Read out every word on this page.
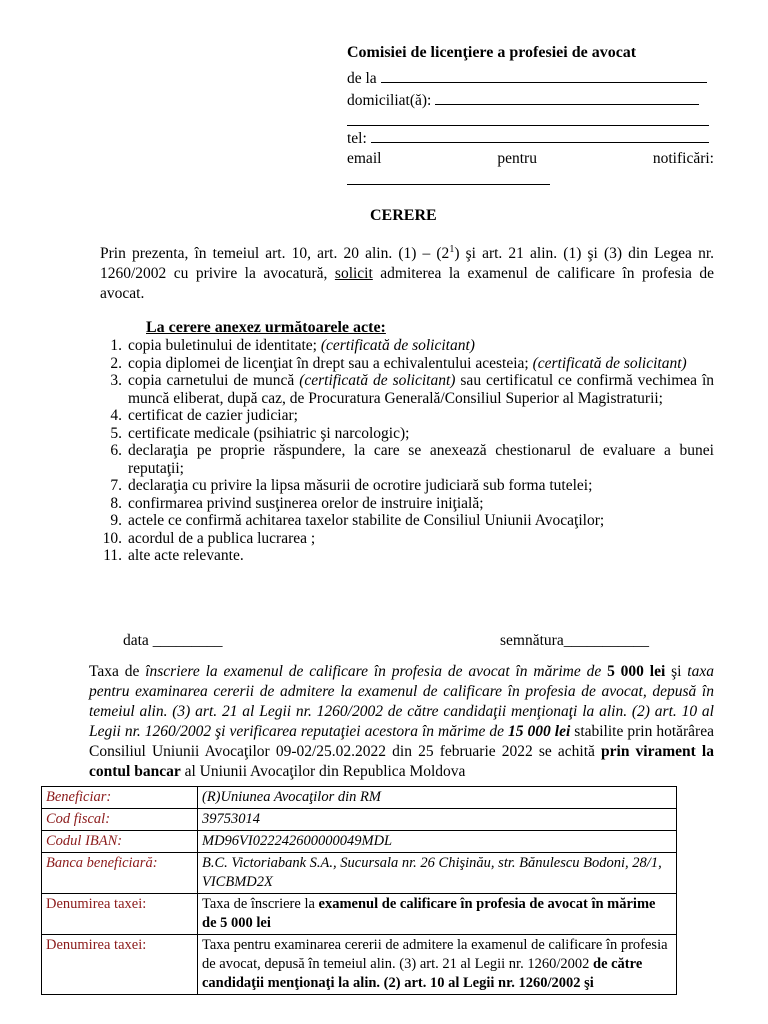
Comisiei de licenţiere a profesiei de avocat
de la
domiciliat(ă):
tel:
email	pentru	notificări:
CERERE
Prin prezenta, în temeiul art. 10, art. 20 alin. $(1) - (2^1)$ şi art. 21 alin. (1) şi (3) din Legea nr. 1260/2002 cu privire la avocatură, solicit admiterea la examenul de calificare în profesia de avocat.
La cerere anexez următoarele acte:
1. copia buletinului de identitate; (certificată de solicitant)
2. copia diplomei de licenţiat în drept sau a echivalentului acesteia; (certificată de solicitant)
3. copia carnetului de muncă (certificată de solicitant) sau certificatul ce confirmă vechimea în muncă eliberat, după caz, de Procuratura Generală/Consiliul Superior al Magistraturii;
4. certificat de cazier judiciar;
5. certificate medicale (psihiatric şi narcologic);
6. declaraţia pe proprie răspundere, la care se anexează chestionarul de evaluare a bunei reputaţii;
7. declaraţia cu privire la lipsa măsurii de ocrotire judiciară sub forma tutelei;
8. confirmarea privind susţinerea orelor de instruire iniţială;
9. actele ce confirmă achitarea taxelor stabilite de Consiliul Uniunii Avocaţilor;
10. acordul de a publica lucrarea ;
11. alte acte relevante.
data _________	semnătura___________
Taxa de înscriere la examenul de calificare în profesia de avocat în mărime de 5 000 lei şi taxa pentru examinarea cererii de admitere la examenul de calificare în profesia de avocat, depusă în temeiul alin. (3) art. 21 al Legii nr. 1260/2002 de către candidaţii menţionaţi la alin. (2) art. 10 al Legii nr. 1260/2002 şi verificarea reputaţiei acestora în mărime de 15 000 lei stabilite prin hotărârea Consiliul Uniunii Avocaţilor 09-02/25.02.2022 din 25 februarie 2022 se achită prin virament la contul bancar al Uniunii Avocaţilor din Republica Moldova
Beneficiar:	(R)Uniunea Avocaţilor din RM
Cod fiscal:	39753014
Codul IBAN:	MD96VI022242600000049MDL
Banca beneficiară:	B.C. Victoriabank S.A., Sucursala nr. 26 Chişinău, str. Bănulescu Bodoni, 28/1, VICBMD2X
Denumirea taxei:	Taxa de înscriere la examenul de calificare în profesia de avocat în mărime de 5 000 lei
Denumirea taxei:	Taxa pentru examinarea cererii de admitere la examenul de calificare în profesia de avocat, depusă în temeiul alin. (3) art. 21 al Legii nr. 1260/2002 de către candidaţii menţionaţi la alin. (2) art. 10 al Legii nr. 1260/2002 şi
